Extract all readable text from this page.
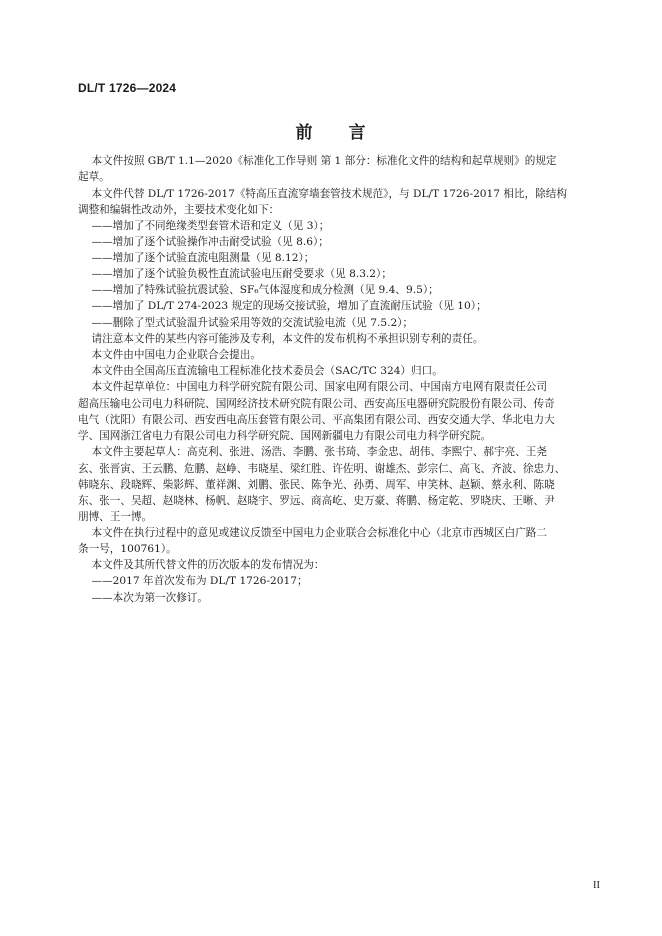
DL/T 1726—2024
前 言
本文件按照 GB/T 1.1—2020《标准化工作导则 第 1 部分：标准化文件的结构和起草规则》的规定
起草。
本文件代替 DL/T 1726-2017《特高压直流穿墙套管技术规范》，与 DL/T 1726-2017 相比，除结构
调整和编辑性改动外，主要技术变化如下：
——增加了不同绝缘类型套管术语和定义（见 3）；
——增加了逐个试验操作冲击耐受试验（见 8.6）；
——增加了逐个试验直流电阻测量（见 8.12）；
——增加了逐个试验负极性直流试验电压耐受要求（见 8.3.2）；
——增加了特殊试验抗震试验、SF₆气体湿度和成分检测（见 9.4、9.5）；
——增加了 DL/T 274-2023 规定的现场交接试验，增加了直流耐压试验（见 10）；
——删除了型式试验温升试验采用等效的交流试验电流（见 7.5.2）；
请注意本文件的某些内容可能涉及专利，本文件的发布机构不承担识别专利的责任。
本文件由中国电力企业联合会提出。
本文件由全国高压直流输电工程标准化技术委员会（SAC/TC 324）归口。
本文件起草单位：中国电力科学研究院有限公司、国家电网有限公司、中国南方电网有限责任公司
超高压输电公司电力科研院、国网经济技术研究院有限公司、西安高压电器研究院股份有限公司、传奇
电气（沈阳）有限公司、西安西电高压套管有限公司、平高集团有限公司、西安交通大学、华北电力大
学、国网浙江省电力有限公司电力科学研究院、国网新疆电力有限公司电力科学研究院。
本文件主要起草人：高克利、张进、汤浩、李鹏、张书琦、李金忠、胡伟、李熙宁、郝宇亮、王尧
玄、张晋寅、王云鹏、危鹏、赵峥、韦晓星、梁红胜、许佐明、谢雄杰、彭宗仁、高飞、齐波、徐忠力、
韩晓东、段晓辉、柴影辉、董祥渊、刘鹏、张民、陈争光、孙勇、周军、申笑林、赵颖、蔡永利、陈晓
东、张一、吴超、赵晓林、杨帆、赵晓宇、罗远、商高屹、史万豪、蒋鹏、杨定乾、罗晓庆、王晰、尹
朋博、王一博。
本文件在执行过程中的意见或建议反馈至中国电力企业联合会标准化中心（北京市西城区白广路二
条一号，100761）。
本文件及其所代替文件的历次版本的发布情况为：
——2017 年首次发布为 DL/T 1726-2017；
——本次为第一次修订。
II
